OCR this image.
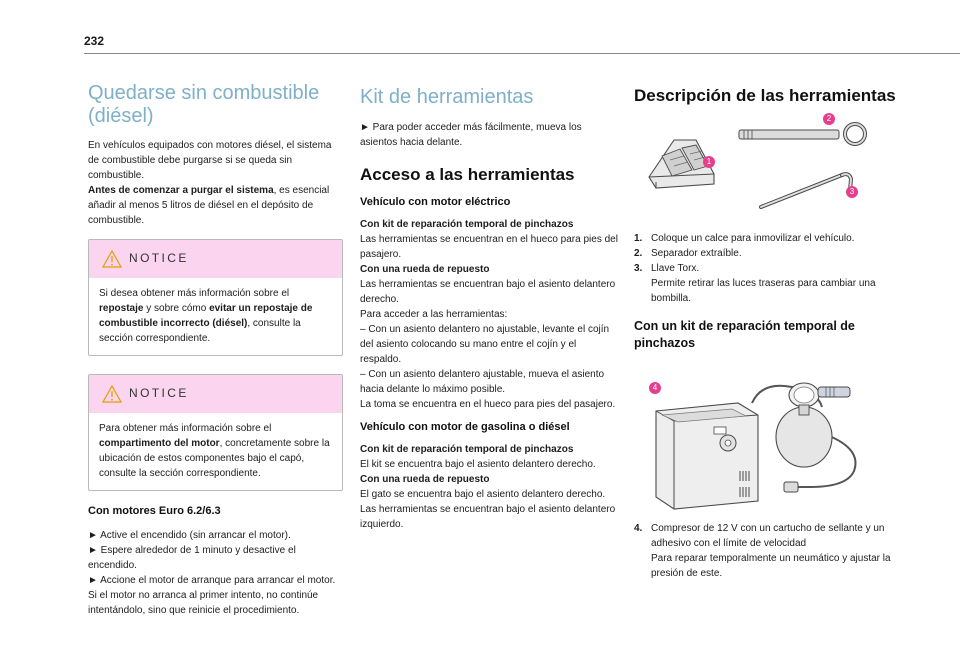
232
Quedarse sin combustible
(diésel)

En vehículos equipados con motores diésel, el sistema de combustible debe purgarse si se queda sin combustible.

Antes de comenzar a purgar el sistema, es esencial añadir al menos 5 litros de diésel en el depósito de combustible.

NOTICE
Si desea obtener más información sobre el repostaje y sobre cómo evitar un repostaje de combustible incorrecto (diésel), consulte la sección correspondiente.
NOTICE
Para obtener más información sobre el compartimento del motor, concretamente sobre la ubicación de estos componentes bajo el capó, consulte la sección correspondiente.

Con motores Euro 6.2/6.3

► Active el encendido (sin arrancar el motor).

► Espere alrededor de 1 minuto y desactive el encendido.

► Accione el motor de arranque para arrancar el motor.

Si el motor no arranca al primer intento, no continúe intentándolo, sino que reinicie el procedimiento.

Kit de herramientas

► Para poder acceder más fácilmente, mueva los asientos hacia delante.

Acceso a las herramientas

Vehículo con motor eléctrico

Con kit de reparación temporal de pinchazos

Las herramientas se encuentran en el hueco para pies del pasajero.

Con una rueda de repuesto

Las herramientas se encuentran bajo el asiento delantero derecho.

Para acceder a las herramientas:

– Con un asiento delantero no ajustable, levante el cojín del asiento colocando su mano entre el cojín y el respaldo.

– Con un asiento delantero ajustable, mueva el asiento hacia delante lo máximo posible.

La toma se encuentra en el hueco para pies del pasajero.

Vehículo con motor de gasolina o diésel

Con kit de reparación temporal de pinchazos

El kit se encuentra bajo el asiento delantero derecho.

Con una rueda de repuesto

El gato se encuentra bajo el asiento delantero derecho.

Las herramientas se encuentran bajo el asiento delantero izquierdo.

Descripción de las herramientas
1
2
3
1. Coloque un calce para inmovilizar el vehículo.
2. Separador extraíble.
3. Llave Torx.
Permite retirar las luces traseras para cambiar una bombilla.
Con un kit de reparación temporal de pinchazos
4
4. Compresor de 12 V con un cartucho de sellante y un adhesivo con el límite de velocidad
Para reparar temporalmente un neumático y ajustar la presión de este.
